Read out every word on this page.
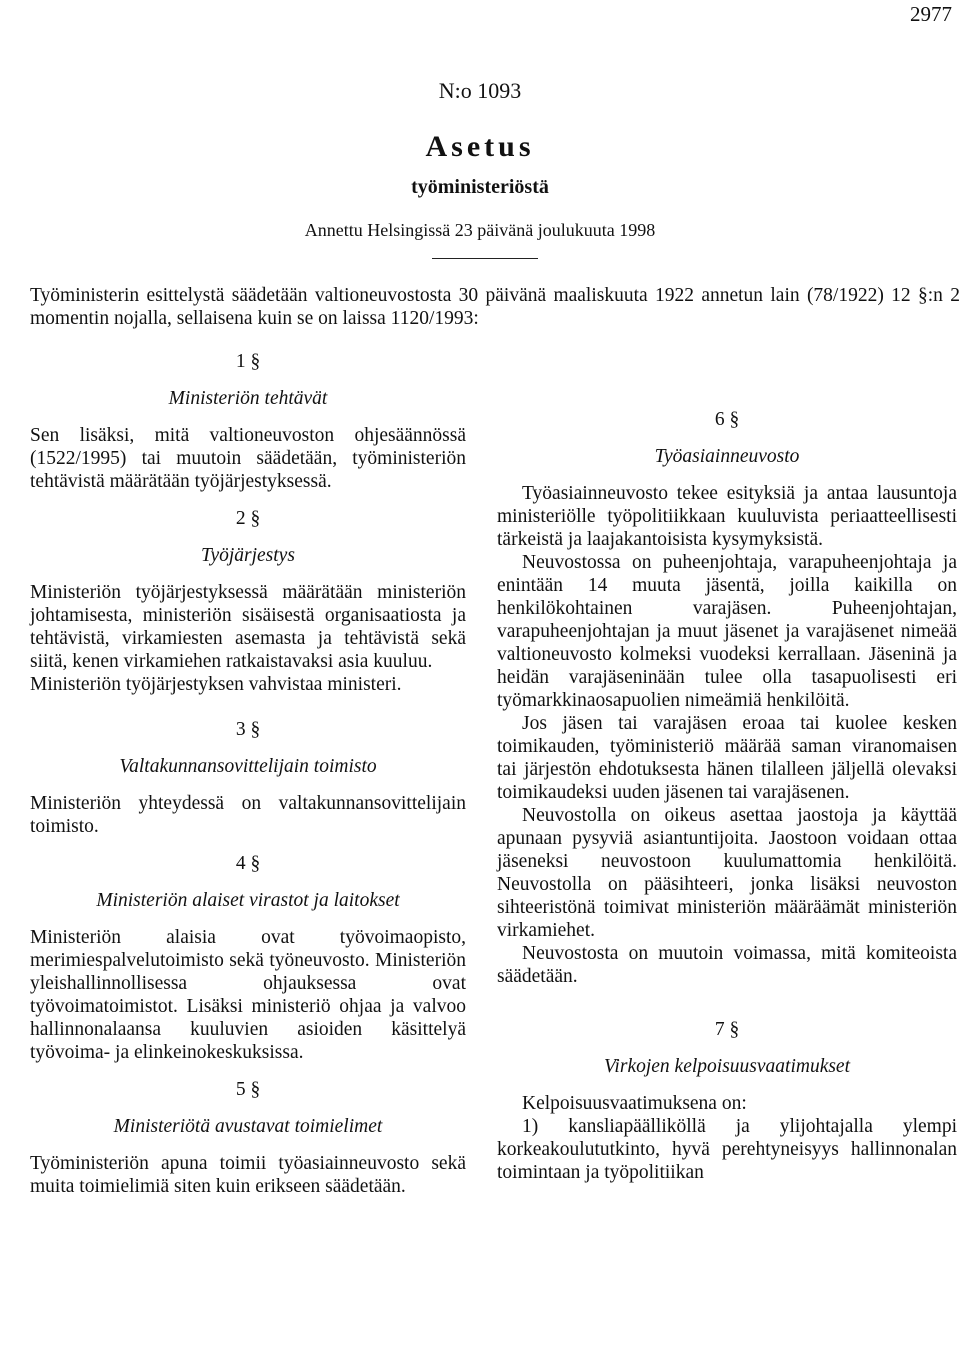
2977
N:o 1093
Asetus
työministeriöstä
Annettu Helsingissä 23 päivänä joulukuuta 1998
Työministerin esittelystä säädetään valtioneuvostosta 30 päivänä maaliskuuta 1922 annetun lain (78/1922) 12 §:n 2 momentin nojalla, sellaisena kuin se on laissa 1120/1993:
1 §
Ministeriön tehtävät

Sen lisäksi, mitä valtioneuvoston ohjesäännössä (1522/1995) tai muutoin säädetään, työministeriön tehtävistä määrätään työjärjestyksessä.

2 §
Työjärjestys

Ministeriön työjärjestyksessä määrätään ministeriön johtamisesta, ministeriön sisäisestä organisaatiosta ja tehtävistä, virkamiesten asemasta ja tehtävistä sekä siitä, kenen virkamiehen ratkaistavaksi asia kuuluu.

Ministeriön työjärjestyksen vahvistaa ministeri.

3 §
Valtakunnansovittelijain toimisto

Ministeriön yhteydessä on valtakunnansovittelijain toimisto.

4 §
Ministeriön alaiset virastot ja laitokset

Ministeriön alaisia ovat työvoimaopisto, merimiespalvelutoimisto sekä työneuvosto. Ministeriön yleishallinnollisessa ohjauksessa ovat työvoimatoimistot. Lisäksi ministeriö ohjaa ja valvoo hallinnonalaansa kuuluvien asioiden käsittelyä työvoima- ja elinkeinokeskuksissa.

5 §
Ministeriötä avustavat toimielimet

Työministeriön apuna toimii työasiainneuvosto sekä muita toimielimiä siten kuin erikseen säädetään.

6 §
Työasiainneuvosto

Työasiainneuvosto tekee esityksiä ja antaa lausuntoja ministeriölle työpolitiikkaan kuuluvista periaatteellisesti tärkeistä ja laajakantoisista kysymyksistä.

Neuvostossa on puheenjohtaja, varapuheenjohtaja ja enintään 14 muuta jäsentä, joilla kaikilla on henkilökohtainen varajäsen. Puheenjohtajan, varapuheenjohtajan ja muut jäsenet ja varajäsenet nimeää valtioneuvosto kolmeksi vuodeksi kerrallaan. Jäseninä ja heidän varajäseninään tulee olla tasapuolisesti eri työmarkkinaosapuolien nimeämiä henkilöitä.

Jos jäsen tai varajäsen eroaa tai kuolee kesken toimikauden, työministeriö määrää saman viranomaisen tai järjestön ehdotuksesta hänen tilalleen jäljellä olevaksi toimikaudeksi uuden jäsenen tai varajäsenen.

Neuvostolla on oikeus asettaa jaostoja ja käyttää apunaan pysyviä asiantuntijoita. Jaostoon voidaan ottaa jäseneksi neuvostoon kuulumattomia henkilöitä. Neuvostolla on pääsihteeri, jonka lisäksi neuvoston sihteeristönä toimivat ministeriön määräämät ministeriön virkamiehet.

Neuvostosta on muutoin voimassa, mitä komiteoista säädetään.

7 §
Virkojen kelpoisuusvaatimukset

Kelpoisuusvaatimuksena on:

1) kansliapäälliköllä ja ylijohtajalla ylempi korkeakoulututkinto, hyvä perehtyneisyys hallinnonalan toimintaan ja työpolitiikan
